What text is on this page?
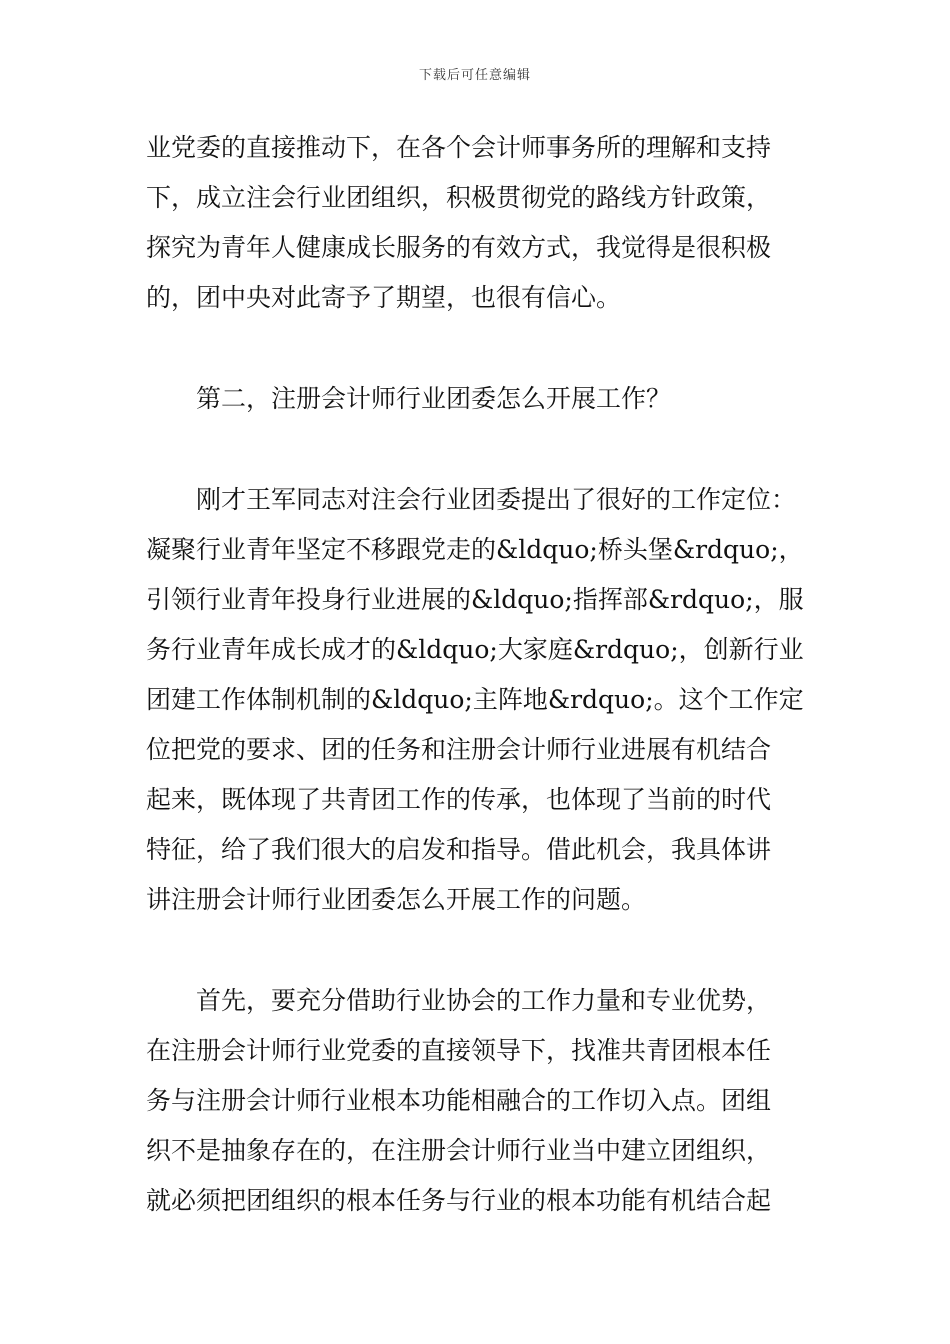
下载后可任意编辑

业党委的直接推动下，在各个会计师事务所的理解和支持
下，成立注会行业团组织，积极贯彻党的路线方针政策，
探究为青年人健康成长服务的有效方式，我觉得是很积极
的，团中央对此寄予了期望，也很有信心。

　　第二，注册会计师行业团委怎么开展工作？

　　刚才王军同志对注会行业团委提出了很好的工作定位：
凝聚行业青年坚定不移跟党走的&ldquo;桥头堡&rdquo;，
引领行业青年投身行业进展的&ldquo;指挥部&rdquo;，服
务行业青年成长成才的&ldquo;大家庭&rdquo;，创新行业
团建工作体制机制的&ldquo;主阵地&rdquo;。这个工作定
位把党的要求、团的任务和注册会计师行业进展有机结合
起来，既体现了共青团工作的传承，也体现了当前的时代
特征，给了我们很大的启发和指导。借此机会，我具体讲
讲注册会计师行业团委怎么开展工作的问题。

　　首先，要充分借助行业协会的工作力量和专业优势，
在注册会计师行业党委的直接领导下，找准共青团根本任
务与注册会计师行业根本功能相融合的工作切入点。团组
织不是抽象存在的，在注册会计师行业当中建立团组织，
就必须把团组织的根本任务与行业的根本功能有机结合起
